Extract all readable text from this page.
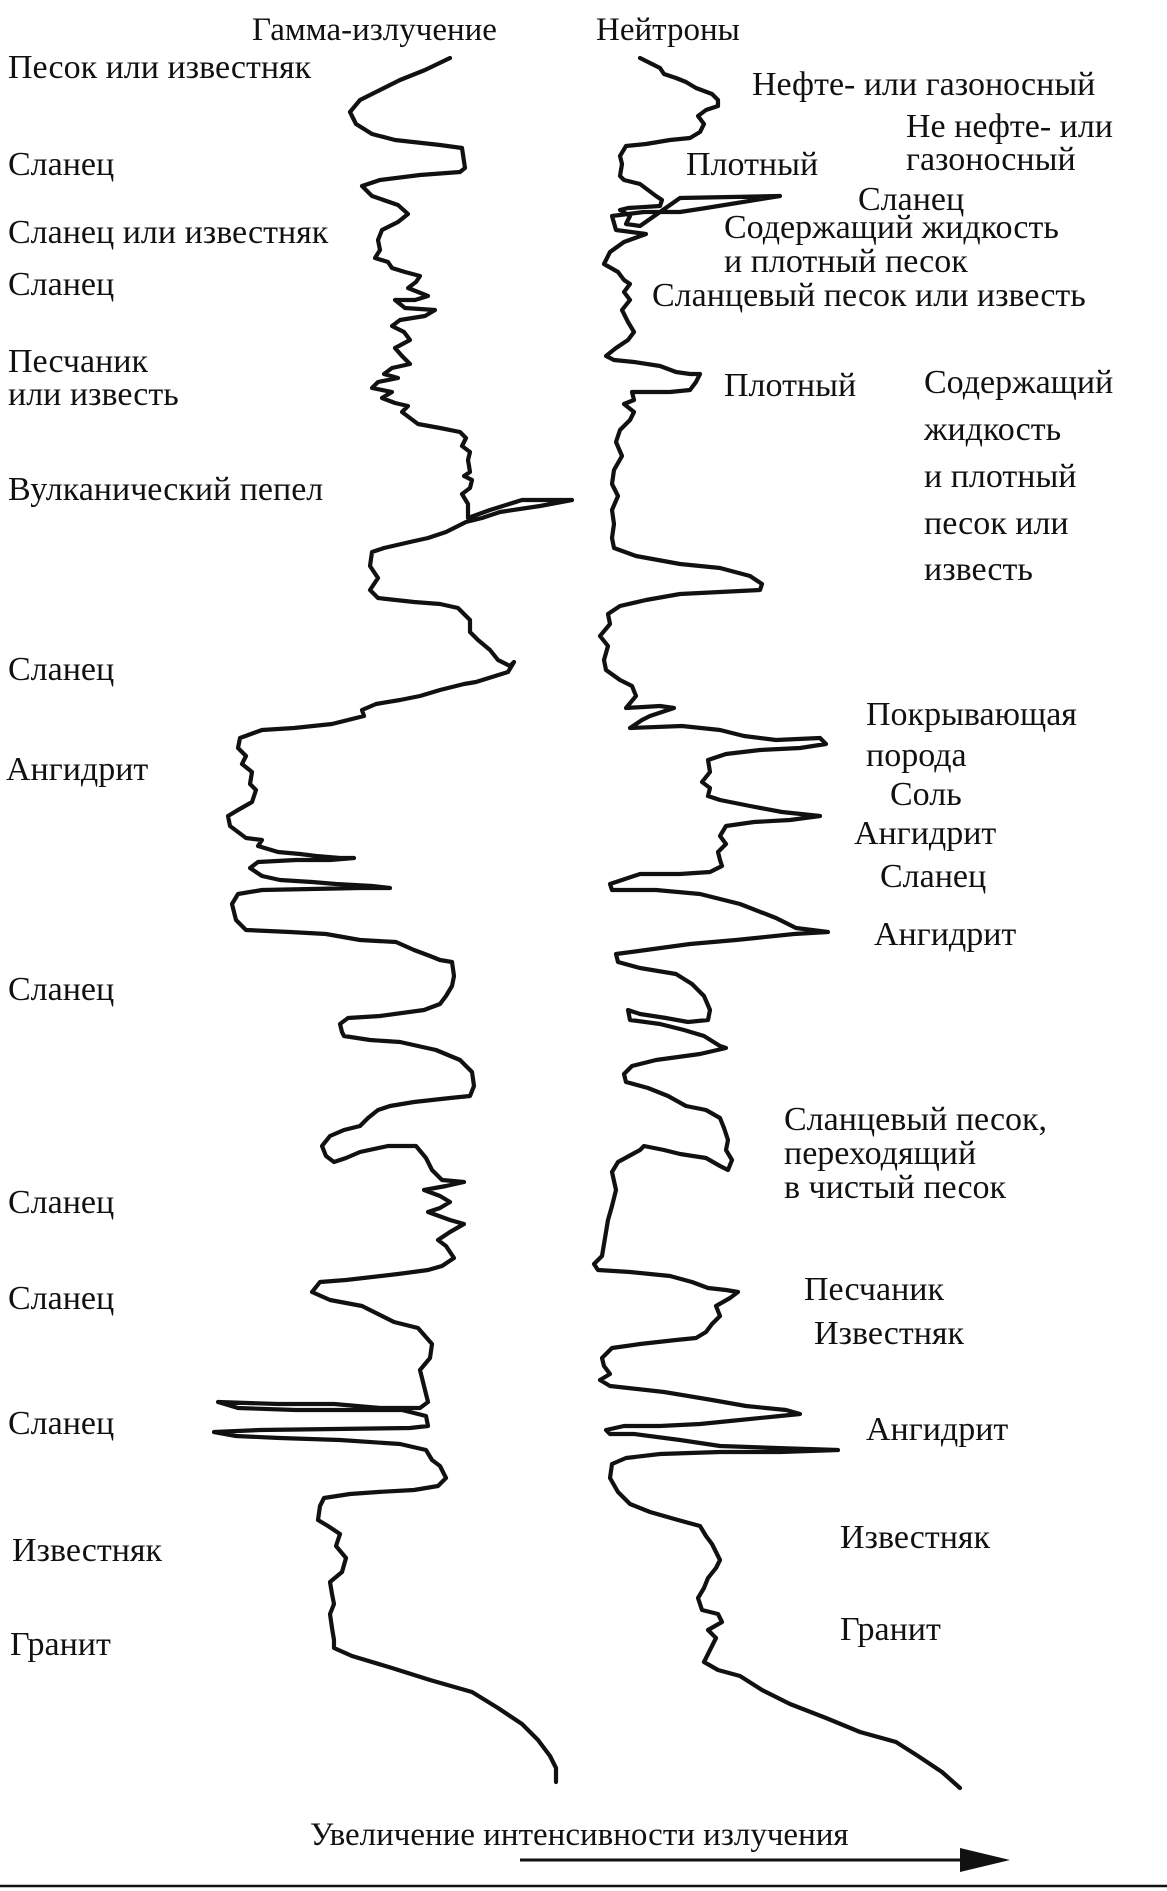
Гамма-излучение	Нейтроны
Песок или известняк
Сланец
Сланец или известняк
Сланец
Песчаник
или известь
Вулканический пепел
Сланец
Ангидрит
Сланец
Сланец
Сланец
Сланец
Известняк
Гранит
Нефте- или газоносный
Не нефте- или
газоносный
Плотный
Сланец
Содержащий жидкость
и плотный песок
Сланцевый песок или известь
Плотный Содержащий
жидкость
и плотный
песок или
известь
Покрывающая
порода
Соль
Ангидрит
Сланец
Ангидрит
Сланцевый песок,
переходящий
в чистый песок
Песчаник
Известняк
Ангидрит
Известняк
Гранит
Увеличение интенсивности излучения
